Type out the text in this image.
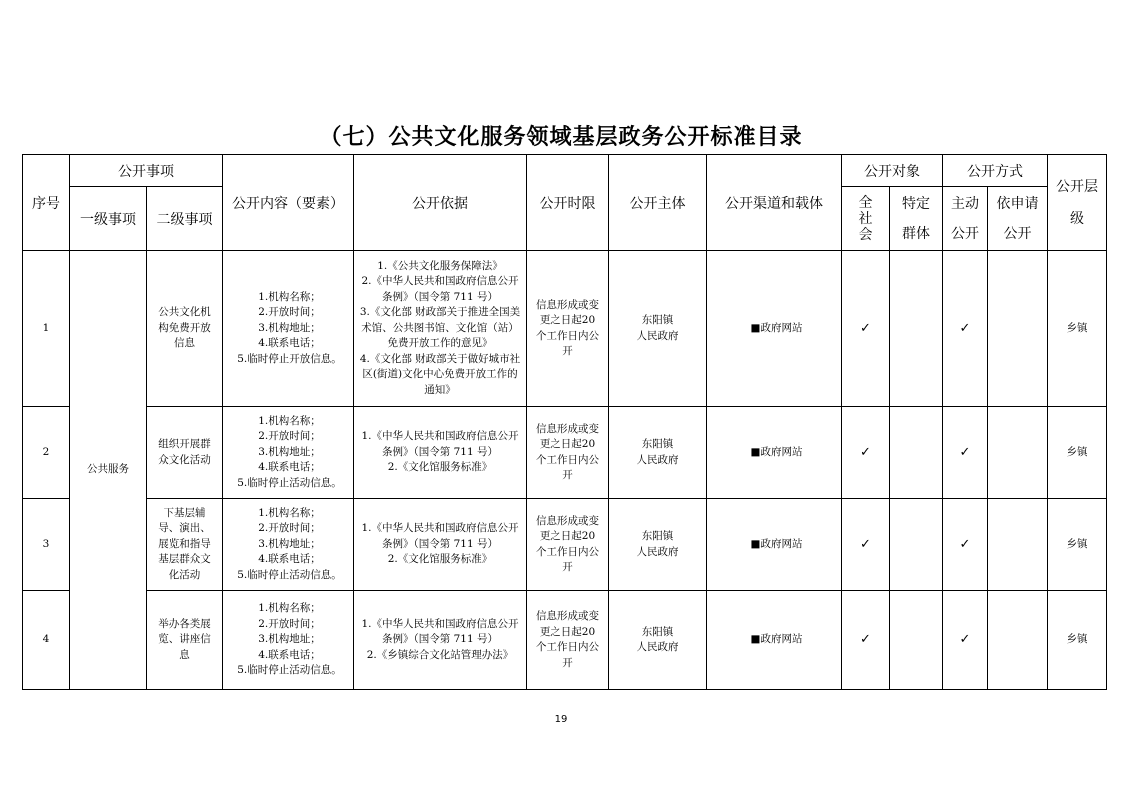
（七）公共文化服务领域基层政务公开标准目录
序号	公开事项		公开内容（要素）	公开依据	公开时限	公开主体	公开渠道和载体	公开对象		公开方式		公开层级
	一级事项	二级事项						全社会	特定群体	主动公开	依申请公开	
1	公共服务	公共文化机构免费开放信息	1.机构名称；
2.开放时间；
3.机构地址；
4.联系电话；
5.临时停止开放信息。	1.《公共文化服务保障法》
2.《中华人民共和国政府信息公开条例》（国令第 711 号）
3.《文化部 财政部关于推进全国美术馆、公共图书馆、文化馆（站）免费开放工作的意见》
4.《文化部 财政部关于做好城市社区(街道)文化中心免费开放工作的通知》	信息形成或变更之日起20个工作日内公开	东阳镇
人民政府	■政府网站	✓		✓		乡镇
2		组织开展群众文化活动	1.机构名称；
2.开放时间；
3.机构地址；
4.联系电话；
5.临时停止活动信息。	1.《中华人民共和国政府信息公开条例》（国令第 711 号）
2.《文化馆服务标准》	信息形成或变更之日起20个工作日内公开	东阳镇
人民政府	■政府网站	✓		✓		乡镇
3		下基层辅导、演出、展览和指导基层群众文化活动	1.机构名称；
2.开放时间；
3.机构地址；
4.联系电话；
5.临时停止活动信息。	1.《中华人民共和国政府信息公开条例》（国令第 711 号）
2.《文化馆服务标准》	信息形成或变更之日起20个工作日内公开	东阳镇
人民政府	■政府网站	✓		✓		乡镇
4		举办各类展览、讲座信息	1.机构名称；
2.开放时间；
3.机构地址；
4.联系电话；
5.临时停止活动信息。	1.《中华人民共和国政府信息公开条例》（国令第 711 号）
2.《乡镇综合文化站管理办法》	信息形成或变更之日起20个工作日内公开	东阳镇
人民政府	■政府网站	✓		✓		乡镇
19
